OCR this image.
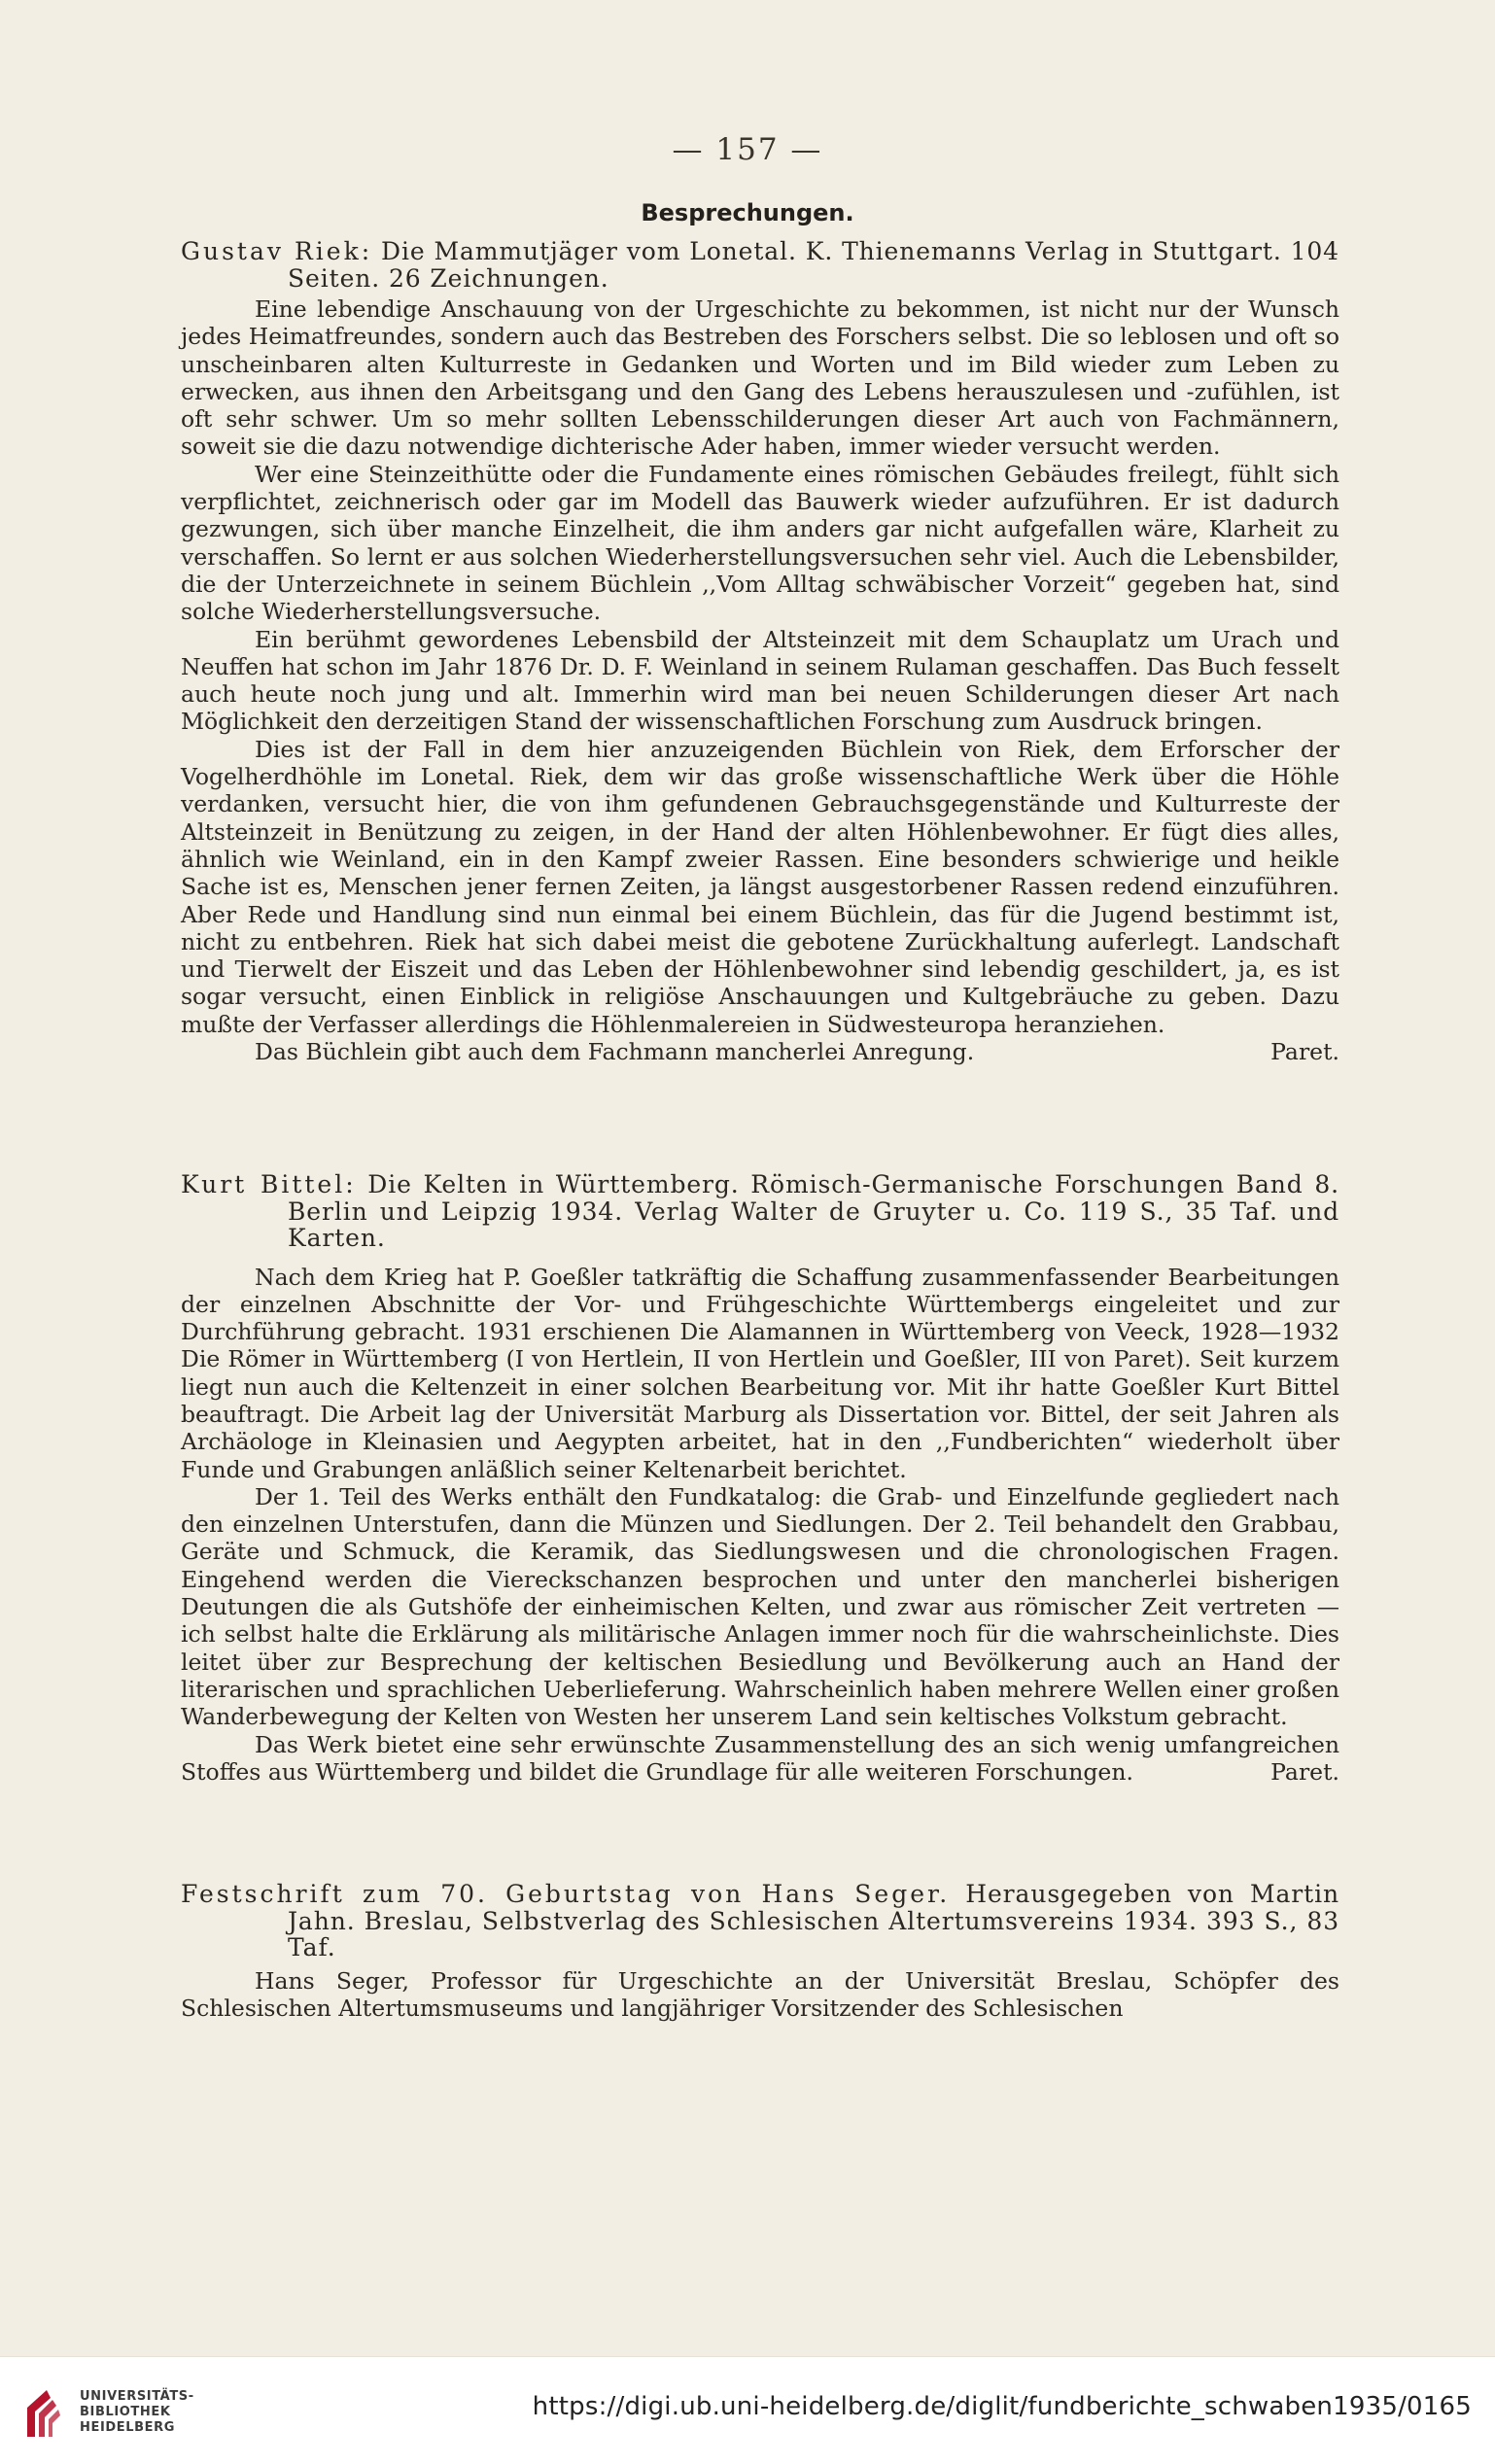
— 157 —
Besprechungen.

Gustav Riek: Die Mammutjäger vom Lonetal. K. Thienemanns Verlag in Stuttgart. 104 Seiten. 26 Zeichnungen.

Eine lebendige Anschauung von der Urgeschichte zu bekommen, ist nicht nur der Wunsch jedes Heimatfreundes, sondern auch das Bestreben des Forschers selbst. Die so leblosen und oft so unscheinbaren alten Kulturreste in Gedanken und Worten und im Bild wieder zum Leben zu erwecken, aus ihnen den Arbeitsgang und den Gang des Lebens herauszulesen und -zufühlen, ist oft sehr schwer. Um so mehr sollten Lebensschilderungen dieser Art auch von Fachmännern, soweit sie die dazu notwendige dichterische Ader haben, immer wieder versucht werden.

Wer eine Steinzeithütte oder die Fundamente eines römischen Gebäudes freilegt, fühlt sich verpflichtet, zeichnerisch oder gar im Modell das Bauwerk wieder aufzuführen. Er ist dadurch gezwungen, sich über manche Einzelheit, die ihm anders gar nicht aufgefallen wäre, Klarheit zu verschaffen. So lernt er aus solchen Wiederherstellungsversuchen sehr viel. Auch die Lebensbilder, die der Unterzeichnete in seinem Büchlein ,,Vom Alltag schwäbischer Vorzeit“ gegeben hat, sind solche Wiederherstellungsversuche.

Ein berühmt gewordenes Lebensbild der Altsteinzeit mit dem Schauplatz um Urach und Neuffen hat schon im Jahr 1876 Dr. D. F. Weinland in seinem Rulaman geschaffen. Das Buch fesselt auch heute noch jung und alt. Immerhin wird man bei neuen Schilderungen dieser Art nach Möglichkeit den derzeitigen Stand der wissenschaftlichen Forschung zum Ausdruck bringen.

Dies ist der Fall in dem hier anzuzeigenden Büchlein von Riek, dem Erforscher der Vogelherdhöhle im Lonetal. Riek, dem wir das große wissenschaftliche Werk über die Höhle verdanken, versucht hier, die von ihm gefundenen Gebrauchsgegenstände und Kulturreste der Altsteinzeit in Benützung zu zeigen, in der Hand der alten Höhlenbewohner. Er fügt dies alles, ähnlich wie Weinland, ein in den Kampf zweier Rassen. Eine besonders schwierige und heikle Sache ist es, Menschen jener fernen Zeiten, ja längst ausgestorbener Rassen redend einzuführen. Aber Rede und Handlung sind nun einmal bei einem Büchlein, das für die Jugend bestimmt ist, nicht zu entbehren. Riek hat sich dabei meist die gebotene Zurückhaltung auferlegt. Landschaft und Tierwelt der Eiszeit und das Leben der Höhlenbewohner sind lebendig geschildert, ja, es ist sogar versucht, einen Einblick in religiöse Anschauungen und Kultgebräuche zu geben. Dazu mußte der Verfasser allerdings die Höhlenmalereien in Südwesteuropa heranziehen.

Das Büchlein gibt auch dem Fachmann mancherlei Anregung.	Paret.

Kurt Bittel: Die Kelten in Württemberg. Römisch-Germanische Forschungen Band 8. Berlin und Leipzig 1934. Verlag Walter de Gruyter u. Co. 119 S., 35 Taf. und Karten.

Nach dem Krieg hat P. Goeßler tatkräftig die Schaffung zusammenfassender Bearbeitungen der einzelnen Abschnitte der Vor- und Frühgeschichte Württembergs eingeleitet und zur Durchführung gebracht. 1931 erschienen Die Alamannen in Württemberg von Veeck, 1928—1932 Die Römer in Württemberg (I von Hertlein, II von Hertlein und Goeßler, III von Paret). Seit kurzem liegt nun auch die Keltenzeit in einer solchen Bearbeitung vor. Mit ihr hatte Goeßler Kurt Bittel beauftragt. Die Arbeit lag der Universität Marburg als Dissertation vor. Bittel, der seit Jahren als Archäologe in Kleinasien und Aegypten arbeitet, hat in den ,,Fundberichten“ wiederholt über Funde und Grabungen anläßlich seiner Keltenarbeit berichtet.

Der 1. Teil des Werks enthält den Fundkatalog: die Grab- und Einzelfunde gegliedert nach den einzelnen Unterstufen, dann die Münzen und Siedlungen. Der 2. Teil behandelt den Grabbau, Geräte und Schmuck, die Keramik, das Siedlungswesen und die chronologischen Fragen. Eingehend werden die Viereckschanzen besprochen und unter den mancherlei bisherigen Deutungen die als Gutshöfe der einheimischen Kelten, und zwar aus römischer Zeit vertreten — ich selbst halte die Erklärung als militärische Anlagen immer noch für die wahrscheinlichste. Dies leitet über zur Besprechung der keltischen Besiedlung und Bevölkerung auch an Hand der literarischen und sprachlichen Ueberlieferung. Wahrscheinlich haben mehrere Wellen einer großen Wanderbewegung der Kelten von Westen her unserem Land sein keltisches Volkstum gebracht.

Das Werk bietet eine sehr erwünschte Zusammenstellung des an sich wenig umfangreichen Stoffes aus Württemberg und bildet die Grundlage für alle weiteren Forschungen.	Paret.

Festschrift zum 70. Geburtstag von Hans Seger. Herausgegeben von Martin Jahn. Breslau, Selbstverlag des Schlesischen Altertumsvereins 1934. 393 S., 83 Taf.

Hans Seger, Professor für Urgeschichte an der Universität Breslau, Schöpfer des Schlesischen Altertumsmuseums und langjähriger Vorsitzender des Schlesischen

UNIVERSITÄTS-
BIBLIOTHEK
HEIDELBERG
https://digi.ub.uni-heidelberg.de/diglit/fundberichte_schwaben1935/0165
